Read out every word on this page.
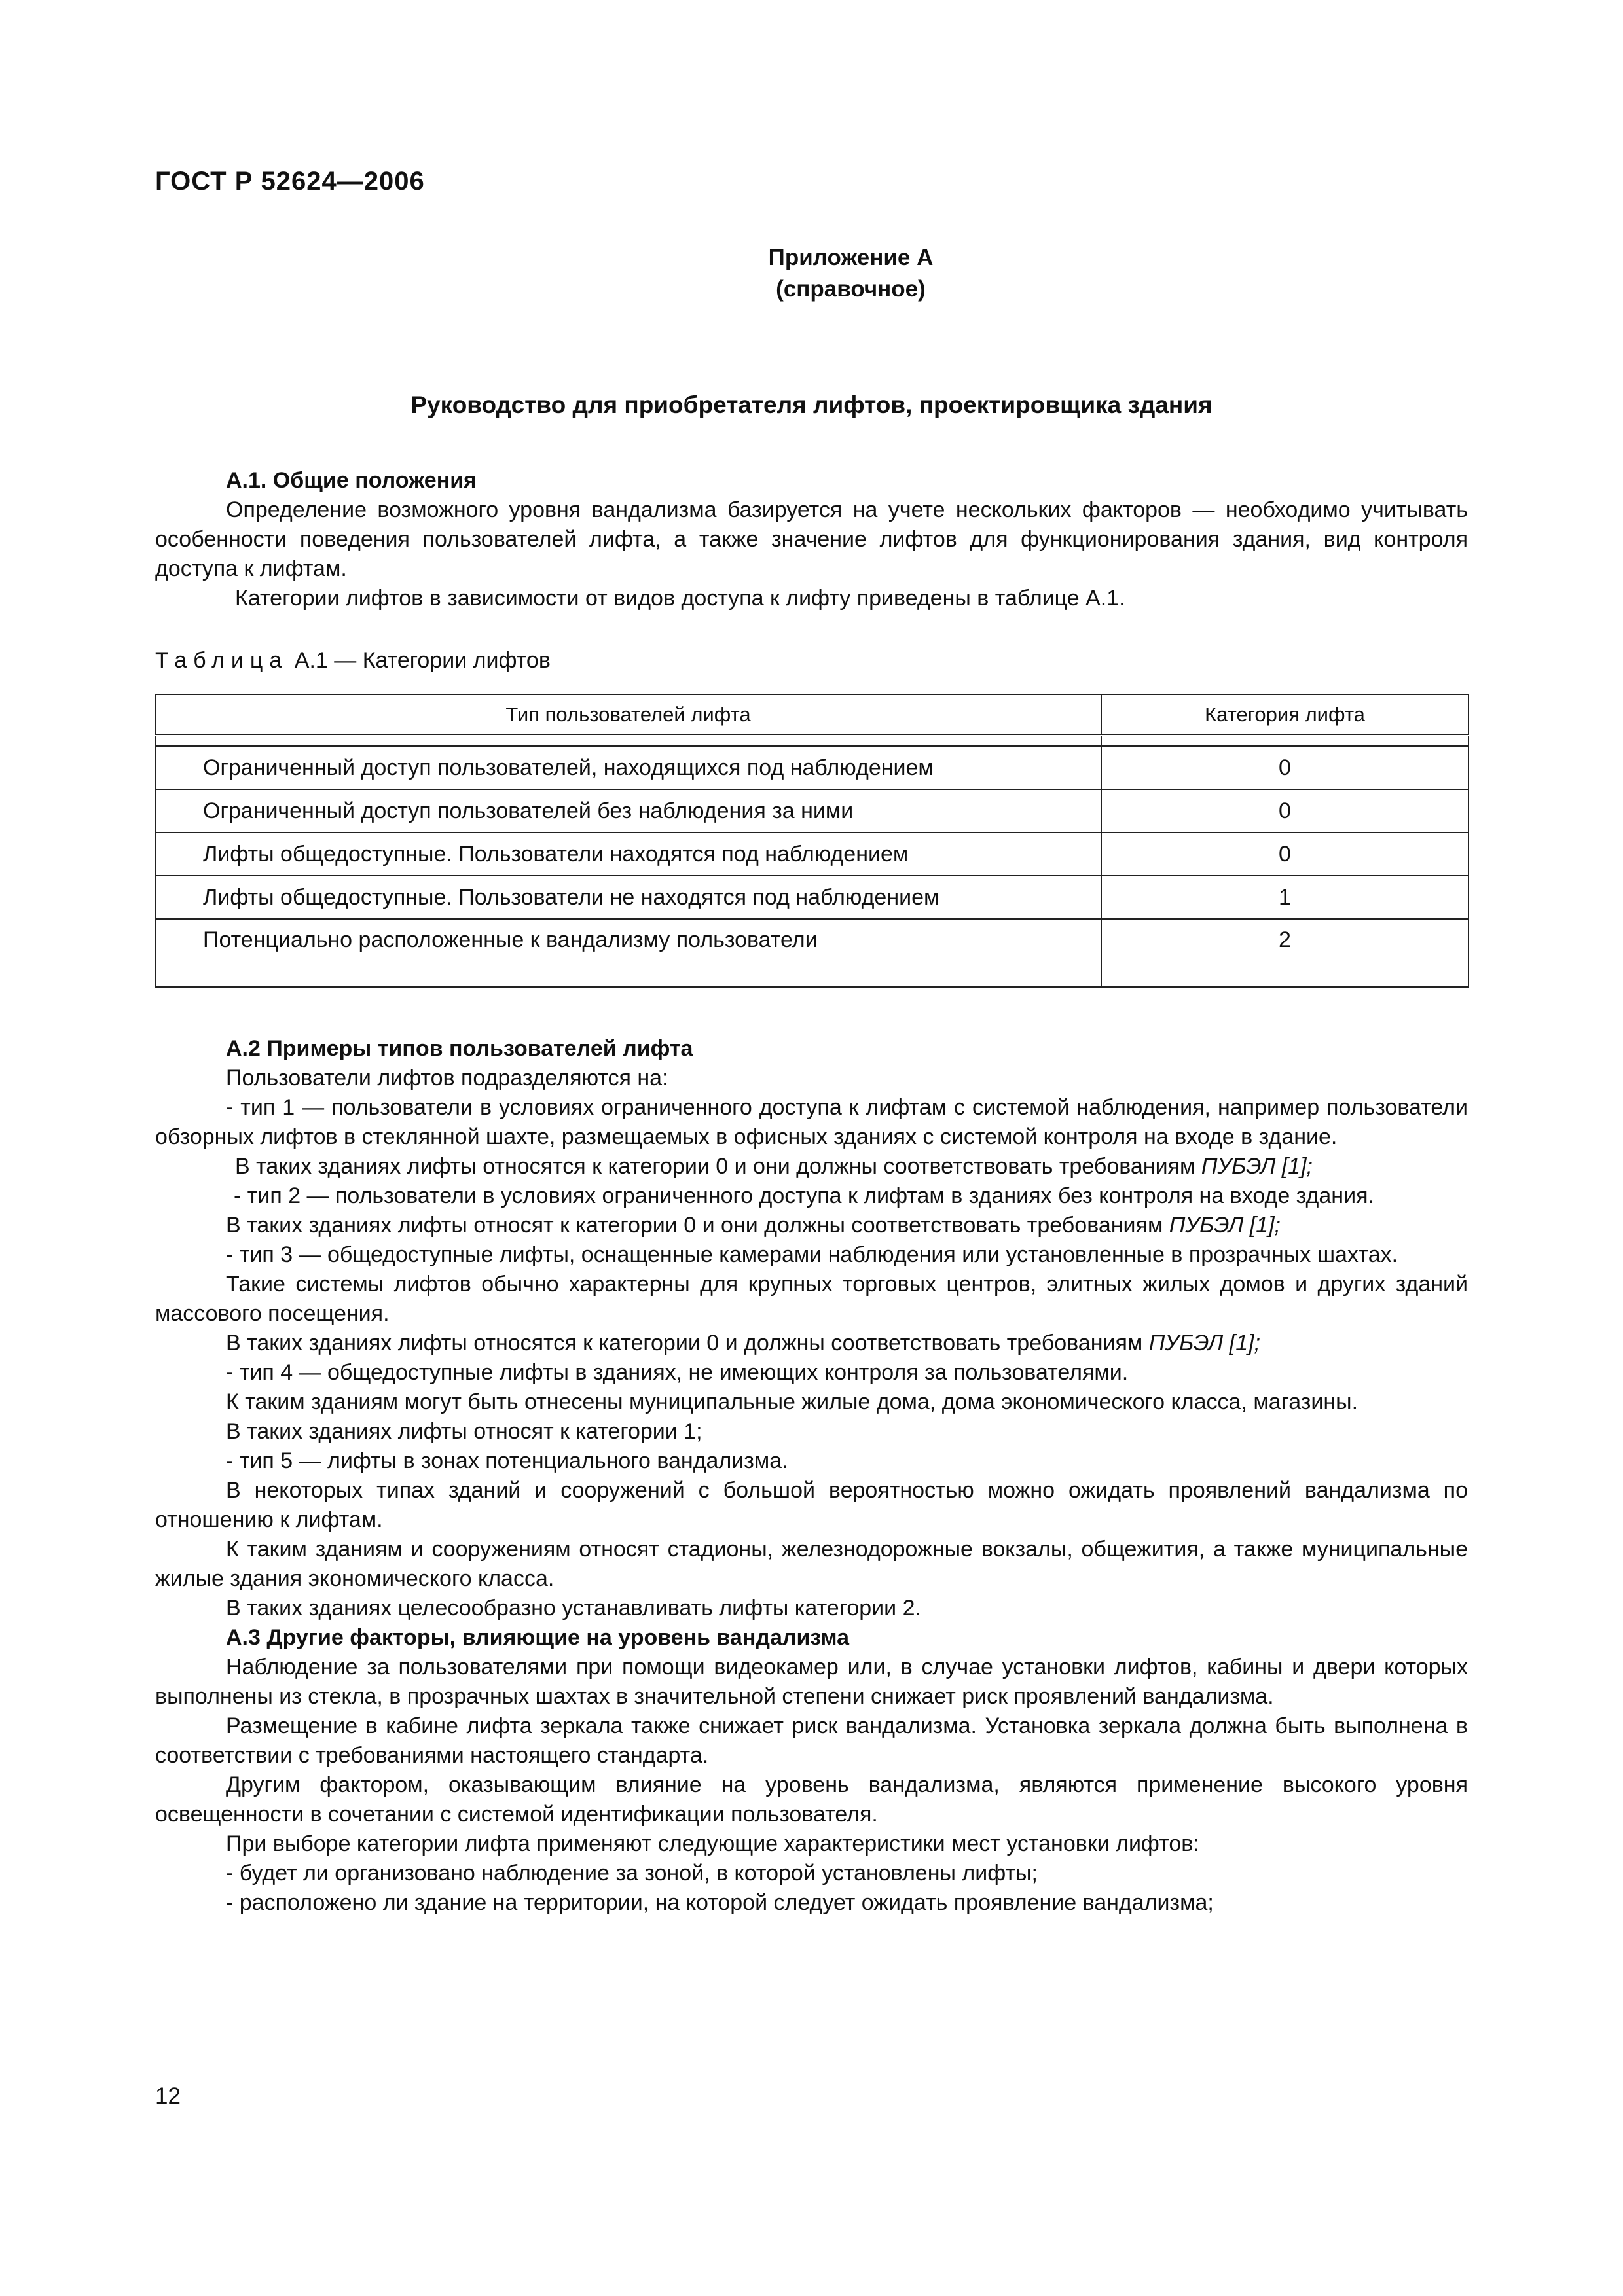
ГОСТ Р 52624—2006
Приложение А
(справочное)
Руководство для приобретателя лифтов, проектировщика здания

А.1. Общие положения

Определение возможного уровня вандализма базируется на учете нескольких факторов — необходимо учитывать особенности поведения пользователей лифта, а также значение лифтов для функционирования здания, вид контроля доступа к лифтам.

Категории лифтов в зависимости от видов доступа к лифту приведены в таблице А.1.

Таблица А.1 — Категории лифтов
Тип пользователей лифта	Категория лифта

Ограниченный доступ пользователей, находящихся под наблюдением	0
Ограниченный доступ пользователей без наблюдения за ними	0
Лифты общедоступные. Пользователи находятся под наблюдением	0
Лифты общедоступные. Пользователи не находятся под наблюдением	1
Потенциально расположенные к вандализму пользователи	2

А.2 Примеры типов пользователей лифта

Пользователи лифтов подразделяются на:

- тип 1 — пользователи в условиях ограниченного доступа к лифтам с системой наблюдения, например пользователи обзорных лифтов в стеклянной шахте, размещаемых в офисных зданиях с системой контроля на входе в здание.

В таких зданиях лифты относятся к категории 0 и они должны соответствовать требованиям ПУБЭЛ [1];

- тип 2 — пользователи в условиях ограниченного доступа к лифтам в зданиях без контроля на входе здания.

В таких зданиях лифты относят к категории 0 и они должны соответствовать требованиям ПУБЭЛ [1];

- тип 3 — общедоступные лифты, оснащенные камерами наблюдения или установленные в прозрачных шахтах.

Такие системы лифтов обычно характерны для крупных торговых центров, элитных жилых домов и других зданий массового посещения.

В таких зданиях лифты относятся к категории 0 и должны соответствовать требованиям ПУБЭЛ [1];

- тип 4 — общедоступные лифты в зданиях, не имеющих контроля за пользователями.

К таким зданиям могут быть отнесены муниципальные жилые дома, дома экономического класса, магазины.

В таких зданиях лифты относят к категории 1;

- тип 5 — лифты в зонах потенциального вандализма.

В некоторых типах зданий и сооружений с большой вероятностью можно ожидать проявлений вандализма по отношению к лифтам.

К таким зданиям и сооружениям относят стадионы, железнодорожные вокзалы, общежития, а также муниципальные жилые здания экономического класса.

В таких зданиях целесообразно устанавливать лифты категории 2.

А.3 Другие факторы, влияющие на уровень вандализма

Наблюдение за пользователями при помощи видеокамер или, в случае установки лифтов, кабины и двери которых выполнены из стекла, в прозрачных шахтах в значительной степени снижает риск проявлений вандализма.

Размещение в кабине лифта зеркала также снижает риск вандализма. Установка зеркала должна быть выполнена в соответствии с требованиями настоящего стандарта.

Другим фактором, оказывающим влияние на уровень вандализма, являются применение высокого уровня освещенности в сочетании с системой идентификации пользователя.

При выборе категории лифта применяют следующие характеристики мест установки лифтов:

- будет ли организовано наблюдение за зоной, в которой установлены лифты;

- расположено ли здание на территории, на которой следует ожидать проявление вандализма;

12
